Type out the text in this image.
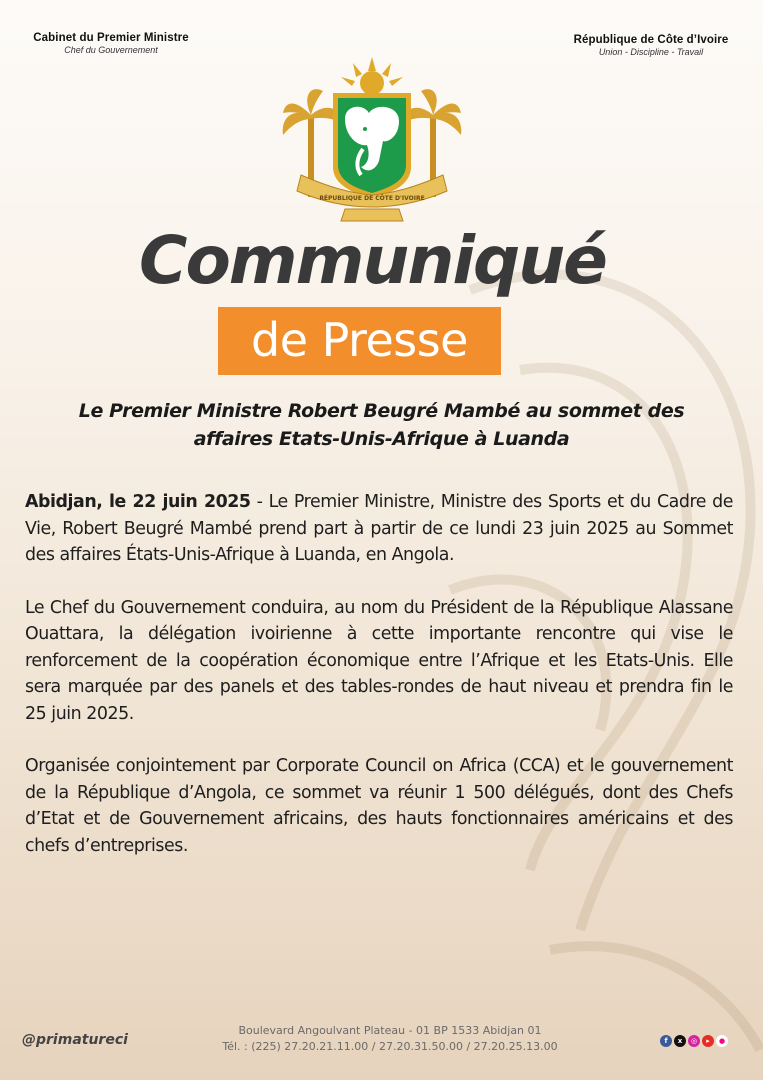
Cabinet du Premier Ministre
Chef du Gouvernement
République de Côte d’Ivoire
Union - Discipline - Travail
RÉPUBLIQUE DE CÔTE D'IVOIRE
Communiqué
de Presse
Le Premier Ministre Robert Beugré Mambé au sommet des affaires Etats-Unis-Afrique à Luanda

Abidjan, le 22 juin 2025 - Le Premier Ministre, Ministre des Sports et du Cadre de Vie, Robert Beugré Mambé prend part à partir de ce lundi 23 juin 2025 au Sommet des affaires États-Unis-Afrique à Luanda, en Angola.

Le Chef du Gouvernement conduira, au nom du Président de la République Alassane Ouattara, la délégation ivoirienne à cette importante rencontre qui vise le renforcement de la coopération économique entre l’Afrique et les Etats-Unis. Elle sera marquée par des panels et des tables-rondes de haut niveau et prendra fin le 25 juin 2025.

Organisée conjointement par Corporate Council on Africa (CCA) et le gouvernement de la République d’Angola, ce sommet va réunir 1 500 délégués, dont des Chefs d’Etat et de Gouvernement africains, des hauts fonctionnaires américains et des chefs d’entreprises.

@primatureci
Boulevard Angoulvant Plateau - 01 BP 1533 Abidjan 01
Tél. : (225) 27.20.21.11.00 / 27.20.31.50.00 / 27.20.25.13.00	f	x	◎	▸	●
